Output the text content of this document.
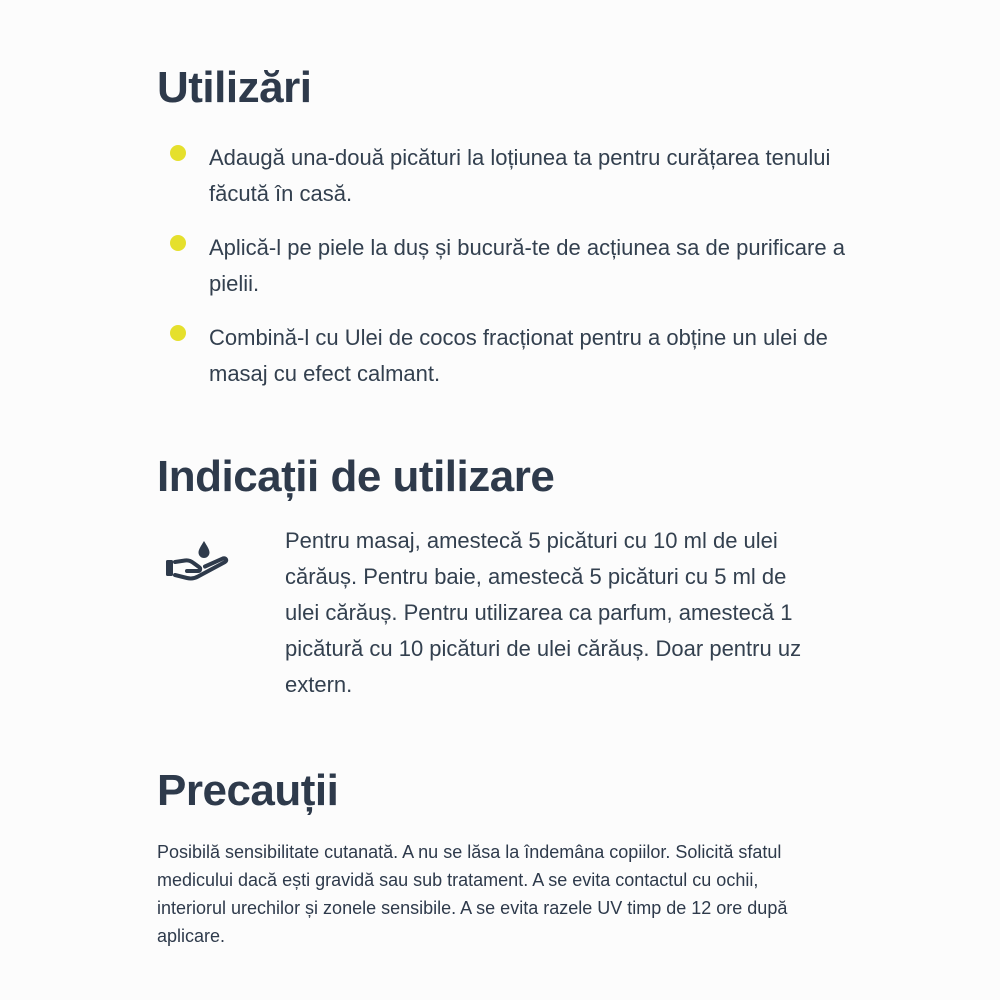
Utilizări
Adaugă una-două picături la loțiunea ta pentru curățarea tenului făcută în casă.
Aplică-l pe piele la duș și bucură-te de acțiunea sa de purificare a pielii.
Combină-l cu Ulei de cocos fracționat pentru a obține un ulei de masaj cu efect calmant.
Indicații de utilizare

Pentru masaj, amestecă 5 picături cu 10 ml de ulei cărăuș. Pentru baie, amestecă 5 picături cu 5 ml de ulei cărăuș. Pentru utilizarea ca parfum, amestecă 1 picătură cu 10 picături de ulei cărăuș. Doar pentru uz extern.

Precauții

Posibilă sensibilitate cutanată. A nu se lăsa la îndemâna copiilor. Solicită sfatul medicului dacă ești gravidă sau sub tratament. A se evita contactul cu ochii, interiorul urechilor și zonele sensibile. A se evita razele UV timp de 12 ore după aplicare.
